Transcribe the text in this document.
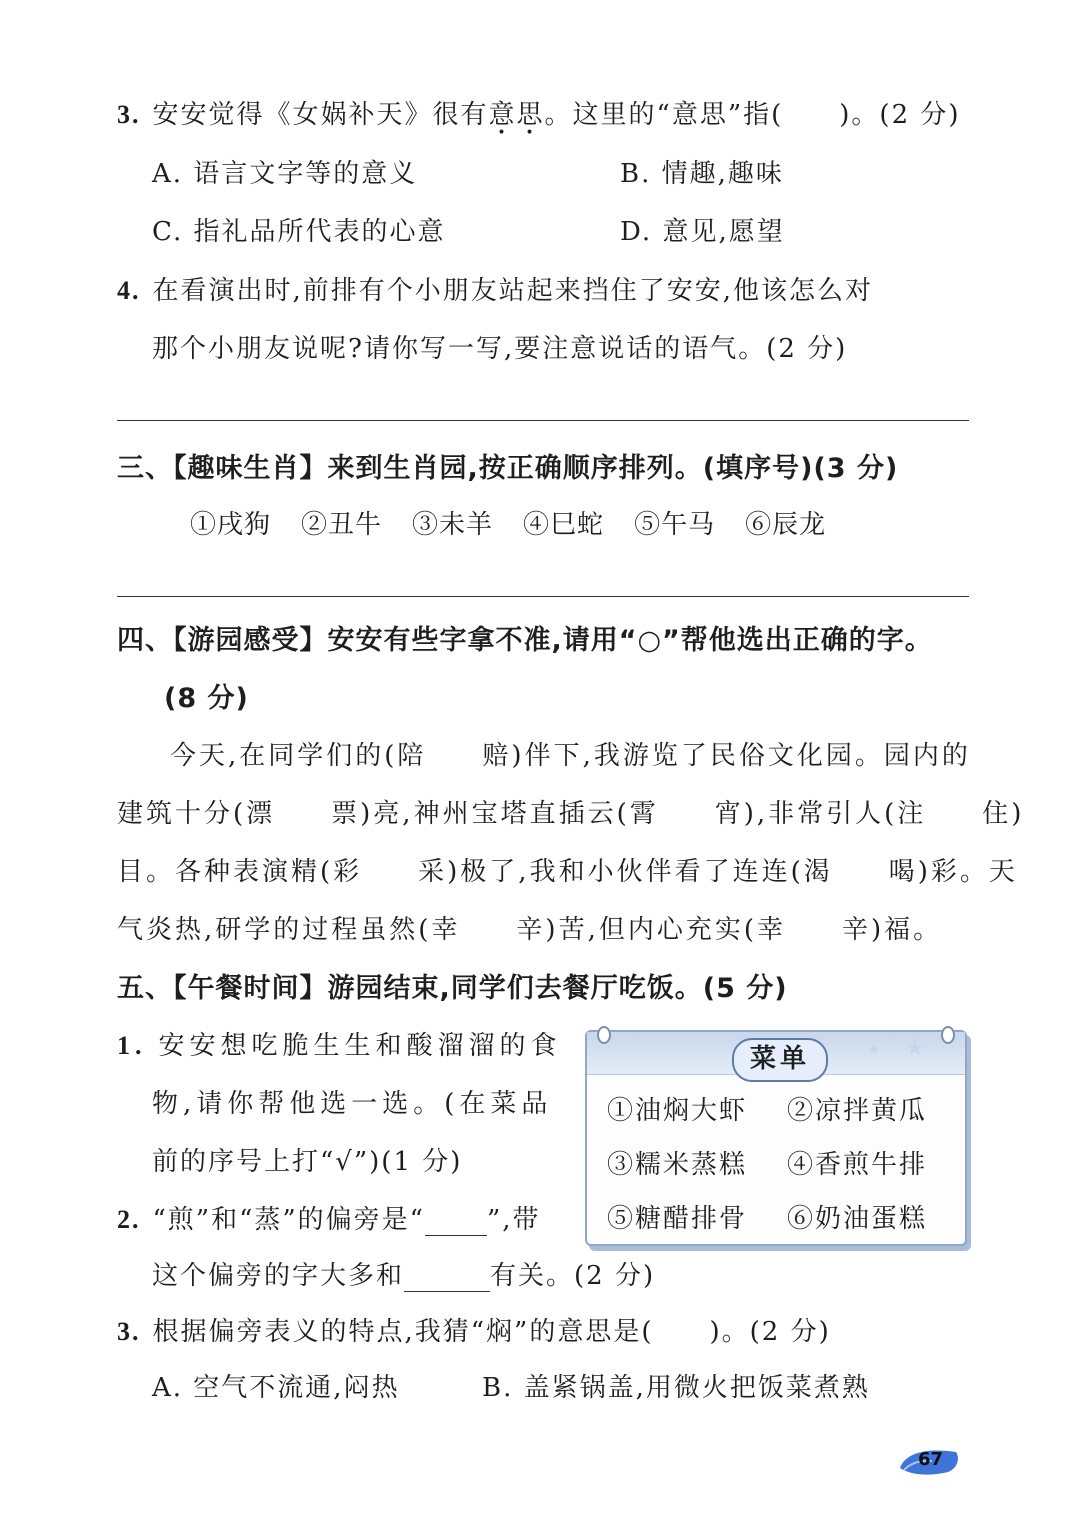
3. 安安觉得《女娲补天》很有意思。这里的“意思”指( )。(2 分)
A. 语言文字等的意义	B. 情趣,趣味
C. 指礼品所代表的心意	D. 意见,愿望
4. 在看演出时,前排有个小朋友站起来挡住了安安,他该怎么对
那个小朋友说呢?请你写一写,要注意说话的语气。(2 分)
三、【趣味生肖】来到生肖园,按正确顺序排列。(填序号)(3 分)
①戌狗 ②丑牛 ③未羊 ④巳蛇 ⑤午马 ⑥辰龙
四、【游园感受】安安有些字拿不准,请用“○”帮他选出正确的字。
(8 分)
今天,在同学们的(陪 赔)伴下,我游览了民俗文化园。园内的
建筑十分(漂 票)亮,神州宝塔直插云(霄 宵),非常引人(注 住)
目。各种表演精(彩 采)极了,我和小伙伴看了连连(渴 喝)彩。天
气炎热,研学的过程虽然(幸 辛)苦,但内心充实(幸 辛)福。
五、【午餐时间】游园结束,同学们去餐厅吃饭。(5 分)
1. 安安想吃脆生生和酸溜溜的食
物,请你帮他选一选。(在菜品
前的序号上打“√”)(1 分)
2. “煎”和“蒸”的偏旁是“ ”,带
这个偏旁的字大多和	有关。(2 分)
3. 根据偏旁表义的特点,我猜“焖”的意思是( )。(2 分)
A. 空气不流通,闷热	B. 盖紧锅盖,用微火把饭菜煮熟
★
★
菜单
①油焖大虾 ②凉拌黄瓜
③糯米蒸糕 ④香煎牛排
⑤糖醋排骨 ⑥奶油蛋糕
67
